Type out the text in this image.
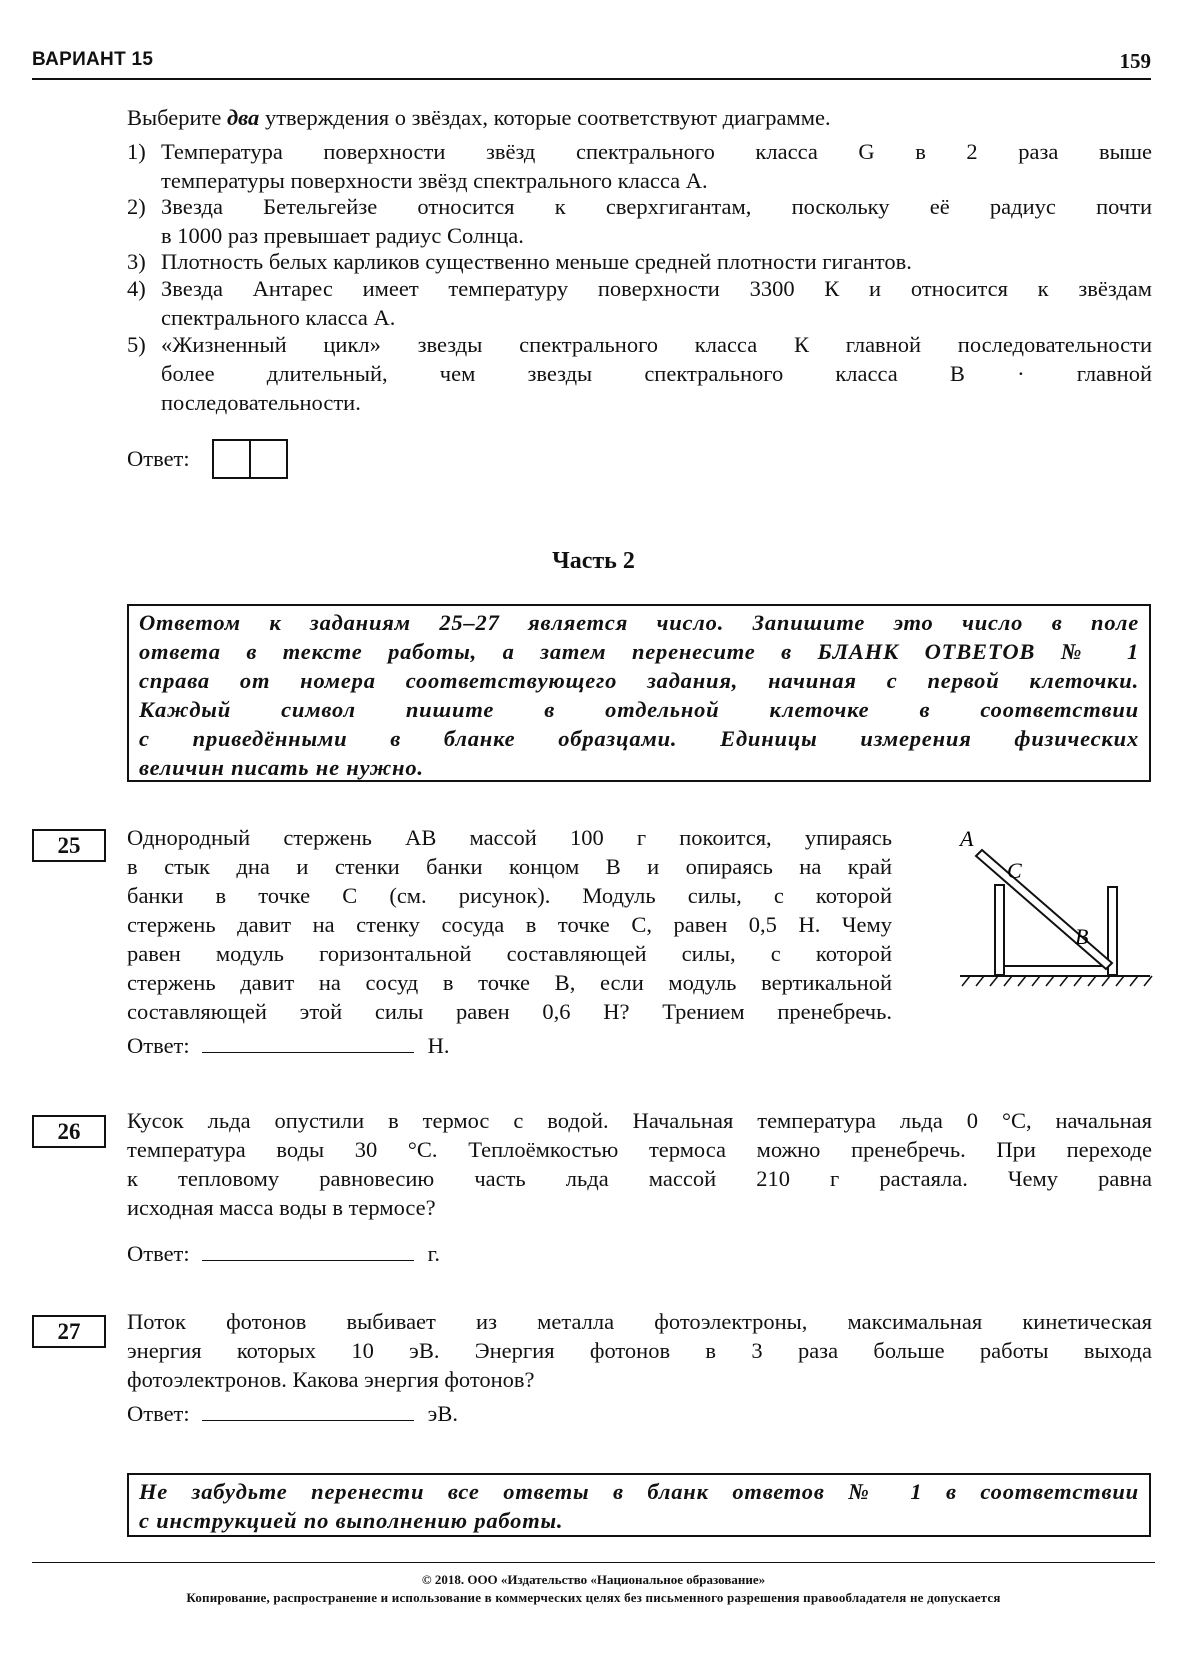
ВАРИАНТ 15	159
Выберите два утверждения о звёздах, которые соответствуют диаграмме.
1) Температура поверхности звёзд спектрального класса G в 2 раза выше
температуры поверхности звёзд спектрального класса A.
2) Звезда Бетельгейзе относится к сверхгигантам, поскольку её радиус почти
в 1000 раз превышает радиус Солнца.
3) Плотность белых карликов существенно меньше средней плотности гигантов.
4) Звезда Антарес имеет температуру поверхности 3300 К и относится к звёздам
спектрального класса А.
5) «Жизненный цикл» звезды спектрального класса К главной последовательности
более длительный, чем звезды спектрального класса В · главной
последовательности.
Ответ:
Часть 2
Ответом к заданиям 25–27 является число. Запишите это число в поле
ответа в тексте работы, а затем перенесите в БЛАНК ОТВЕТОВ № 1
справа от номера соответствующего задания, начиная с первой клеточки.
Каждый символ пишите в отдельной клеточке в соответствии
с приведёнными в бланке образцами. Единицы измерения физических
величин писать не нужно.
25	Однородный стержень AB массой 100 г покоится, упираясь
в стык дна и стенки банки концом B и опираясь на край
банки в точке C (см. рисунок). Модуль силы, с которой
стержень давит на стенку сосуда в точке C, равен 0,5 Н. Чему
равен модуль горизонтальной составляющей силы, с которой
стержень давит на сосуд в точке B, если модуль вертикальной
составляющей этой силы равен 0,6 Н? Трением пренебречь.
A
C
B
Ответ:	Н.
26	Кусок льда опустили в термос с водой. Начальная температура льда 0 °C, начальная
температура воды 30 °C. Теплоёмкостью термоса можно пренебречь. При переходе
к тепловому равновесию часть льда массой 210 г растаяла. Чему равна
исходная масса воды в термосе?
Ответ:	г.
27	Поток фотонов выбивает из металла фотоэлектроны, максимальная кинетическая
энергия которых 10 эВ. Энергия фотонов в 3 раза больше работы выхода
фотоэлектронов. Какова энергия фотонов?
Ответ:	эВ.
Не забудьте перенести все ответы в бланк ответов № 1 в соответствии
с инструкцией по выполнению работы.
© 2018. ООО «Издательство «Национальное образование»
Копирование, распространение и использование в коммерческих целях без письменного разрешения правообладателя не допускается
